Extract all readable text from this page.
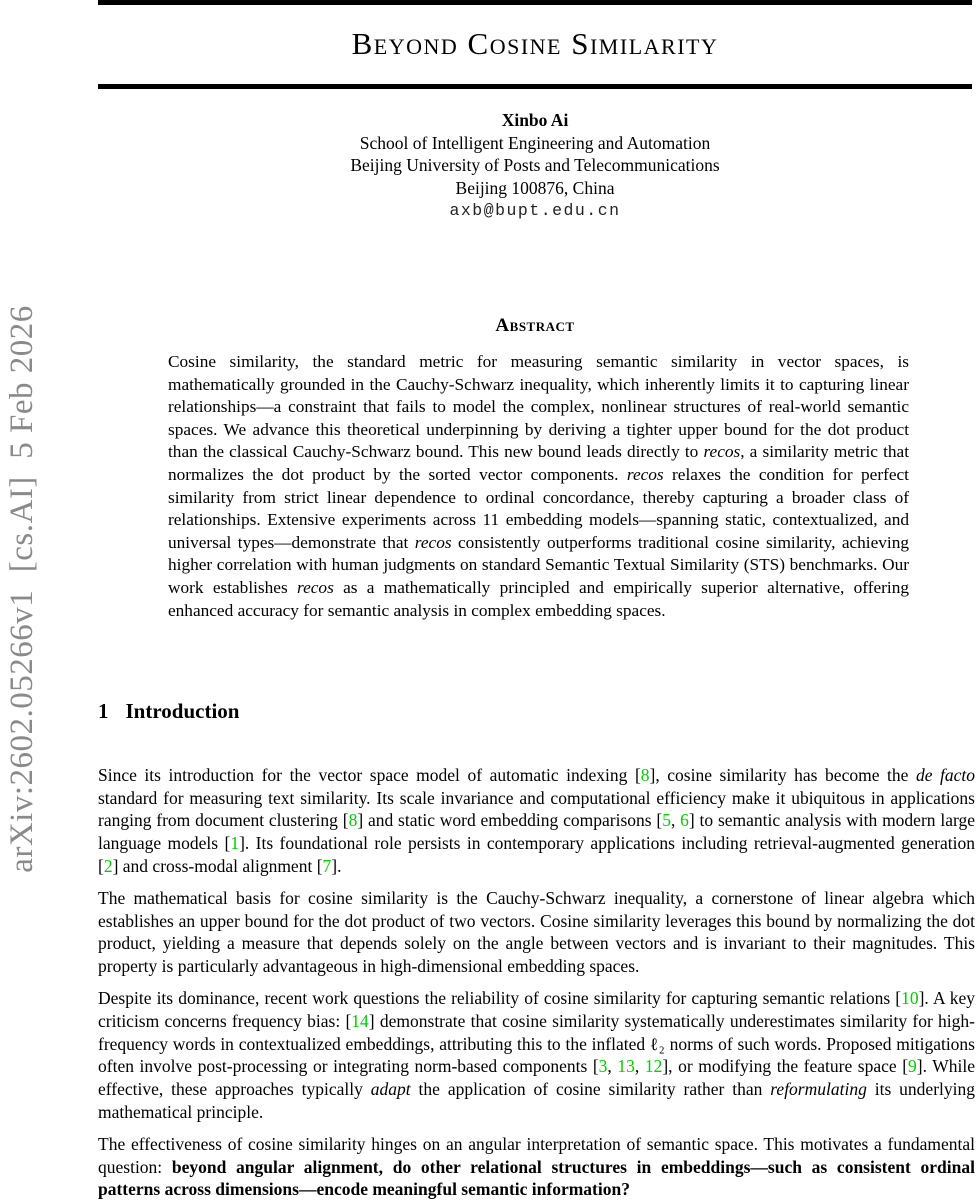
arXiv:2602.05266v1  [cs.AI]  5 Feb 2026
Beyond Cosine Similarity
Xinbo Ai
School of Intelligent Engineering and Automation
Beijing University of Posts and Telecommunications
Beijing 100876, China
axb@bupt.edu.cn
Abstract
Cosine similarity, the standard metric for measuring semantic similarity in vector spaces, is mathematically grounded in the Cauchy-Schwarz inequality, which inherently limits it to capturing linear relationships—a constraint that fails to model the complex, nonlinear structures of real-world semantic spaces. We advance this theoretical underpinning by deriving a tighter upper bound for the dot product than the classical Cauchy-Schwarz bound. This new bound leads directly to recos, a similarity metric that normalizes the dot product by the sorted vector components. recos relaxes the condition for perfect similarity from strict linear dependence to ordinal concordance, thereby capturing a broader class of relationships. Extensive experiments across 11 embedding models—spanning static, contextualized, and universal types—demonstrate that recos consistently outperforms traditional cosine similarity, achieving higher correlation with human judgments on standard Semantic Textual Similarity (STS) benchmarks. Our work establishes recos as a mathematically principled and empirically superior alternative, offering enhanced accuracy for semantic analysis in complex embedding spaces.
1 Introduction

Since its introduction for the vector space model of automatic indexing [8], cosine similarity has become the de facto standard for measuring text similarity. Its scale invariance and computational efficiency make it ubiquitous in applications ranging from document clustering [8] and static word embedding comparisons [5, 6] to semantic analysis with modern large language models [1]. Its foundational role persists in contemporary applications including retrieval-augmented generation [2] and cross-modal alignment [7].

The mathematical basis for cosine similarity is the Cauchy-Schwarz inequality, a cornerstone of linear algebra which establishes an upper bound for the dot product of two vectors. Cosine similarity leverages this bound by normalizing the dot product, yielding a measure that depends solely on the angle between vectors and is invariant to their magnitudes. This property is particularly advantageous in high-dimensional embedding spaces.

Despite its dominance, recent work questions the reliability of cosine similarity for capturing semantic relations [10]. A key criticism concerns frequency bias: [14] demonstrate that cosine similarity systematically underestimates similarity for high-frequency words in contextualized embeddings, attributing this to the inflated ℓ₂ norms of such words. Proposed mitigations often involve post-processing or integrating norm-based components [3, 13, 12], or modifying the feature space [9]. While effective, these approaches typically adapt the application of cosine similarity rather than reformulating its underlying mathematical principle.

The effectiveness of cosine similarity hinges on an angular interpretation of semantic space. This motivates a fundamental question: beyond angular alignment, do other relational structures in embeddings—such as consistent ordinal patterns across dimensions—encode meaningful semantic information?
